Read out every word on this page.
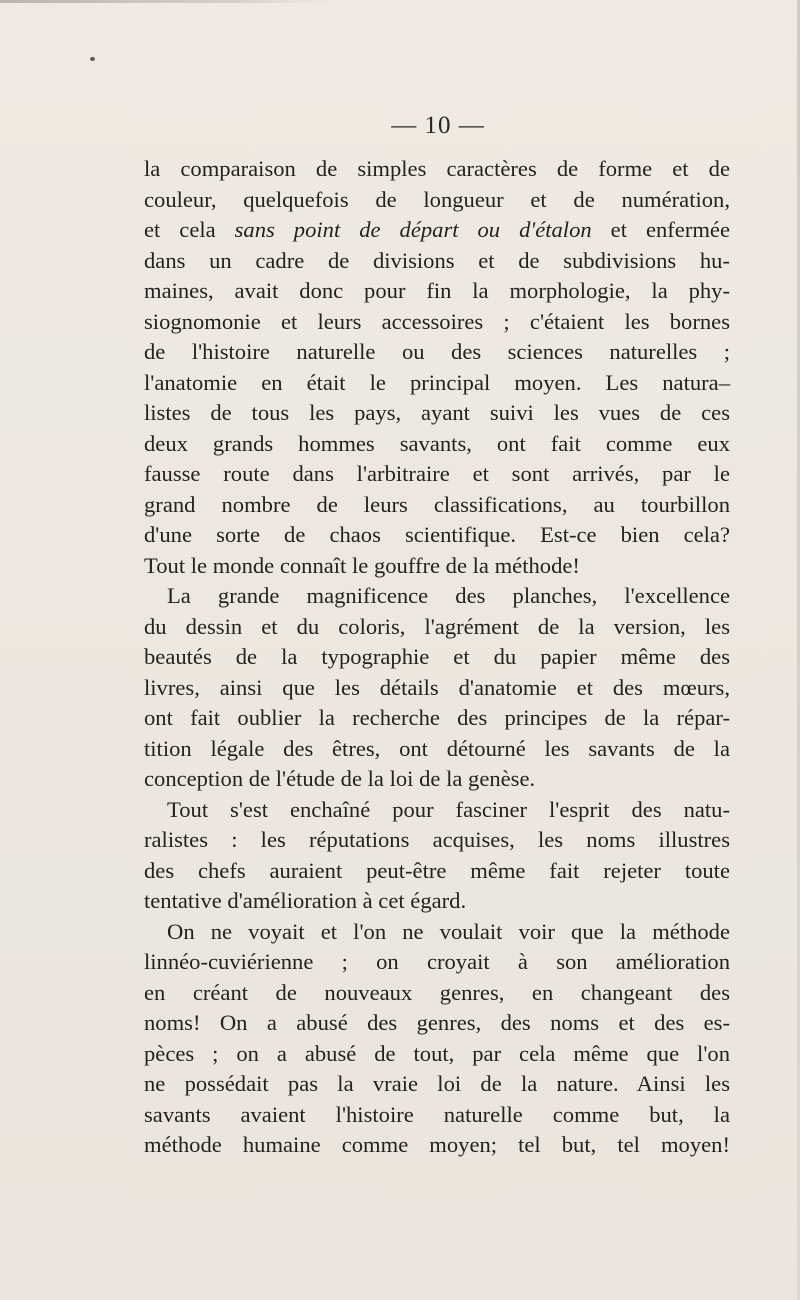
— 10 —
la comparaison de simples caractères de forme et de
couleur, quelquefois de longueur et de numération,
et cela sans point de départ ou d'étalon et enfermée
dans un cadre de divisions et de subdivisions hu-
maines, avait donc pour fin la morphologie, la phy-
siognomonie et leurs accessoires ; c'étaient les bornes
de l'histoire naturelle ou des sciences naturelles ;
l'anatomie en était le principal moyen. Les natura–
listes de tous les pays, ayant suivi les vues de ces
deux grands hommes savants, ont fait comme eux
fausse route dans l'arbitraire et sont arrivés, par le
grand nombre de leurs classifications, au tourbillon
d'une sorte de chaos scientifique. Est-ce bien cela?
Tout le monde connaît le gouffre de la méthode!
La grande magnificence des planches, l'excellence
du dessin et du coloris, l'agrément de la version, les
beautés de la typographie et du papier même des
livres, ainsi que les détails d'anatomie et des mœurs,
ont fait oublier la recherche des principes de la répar-
tition légale des êtres, ont détourné les savants de la
conception de l'étude de la loi de la genèse.
Tout s'est enchaîné pour fasciner l'esprit des natu-
ralistes : les réputations acquises, les noms illustres
des chefs auraient peut-être même fait rejeter toute
tentative d'amélioration à cet égard.
On ne voyait et l'on ne voulait voir que la méthode
linnéo-cuviérienne ; on croyait à son amélioration
en créant de nouveaux genres, en changeant des
noms! On a abusé des genres, des noms et des es-
pèces ; on a abusé de tout, par cela même que l'on
ne possédait pas la vraie loi de la nature. Ainsi les
savants avaient l'histoire naturelle comme but, la
méthode humaine comme moyen; tel but, tel moyen!
